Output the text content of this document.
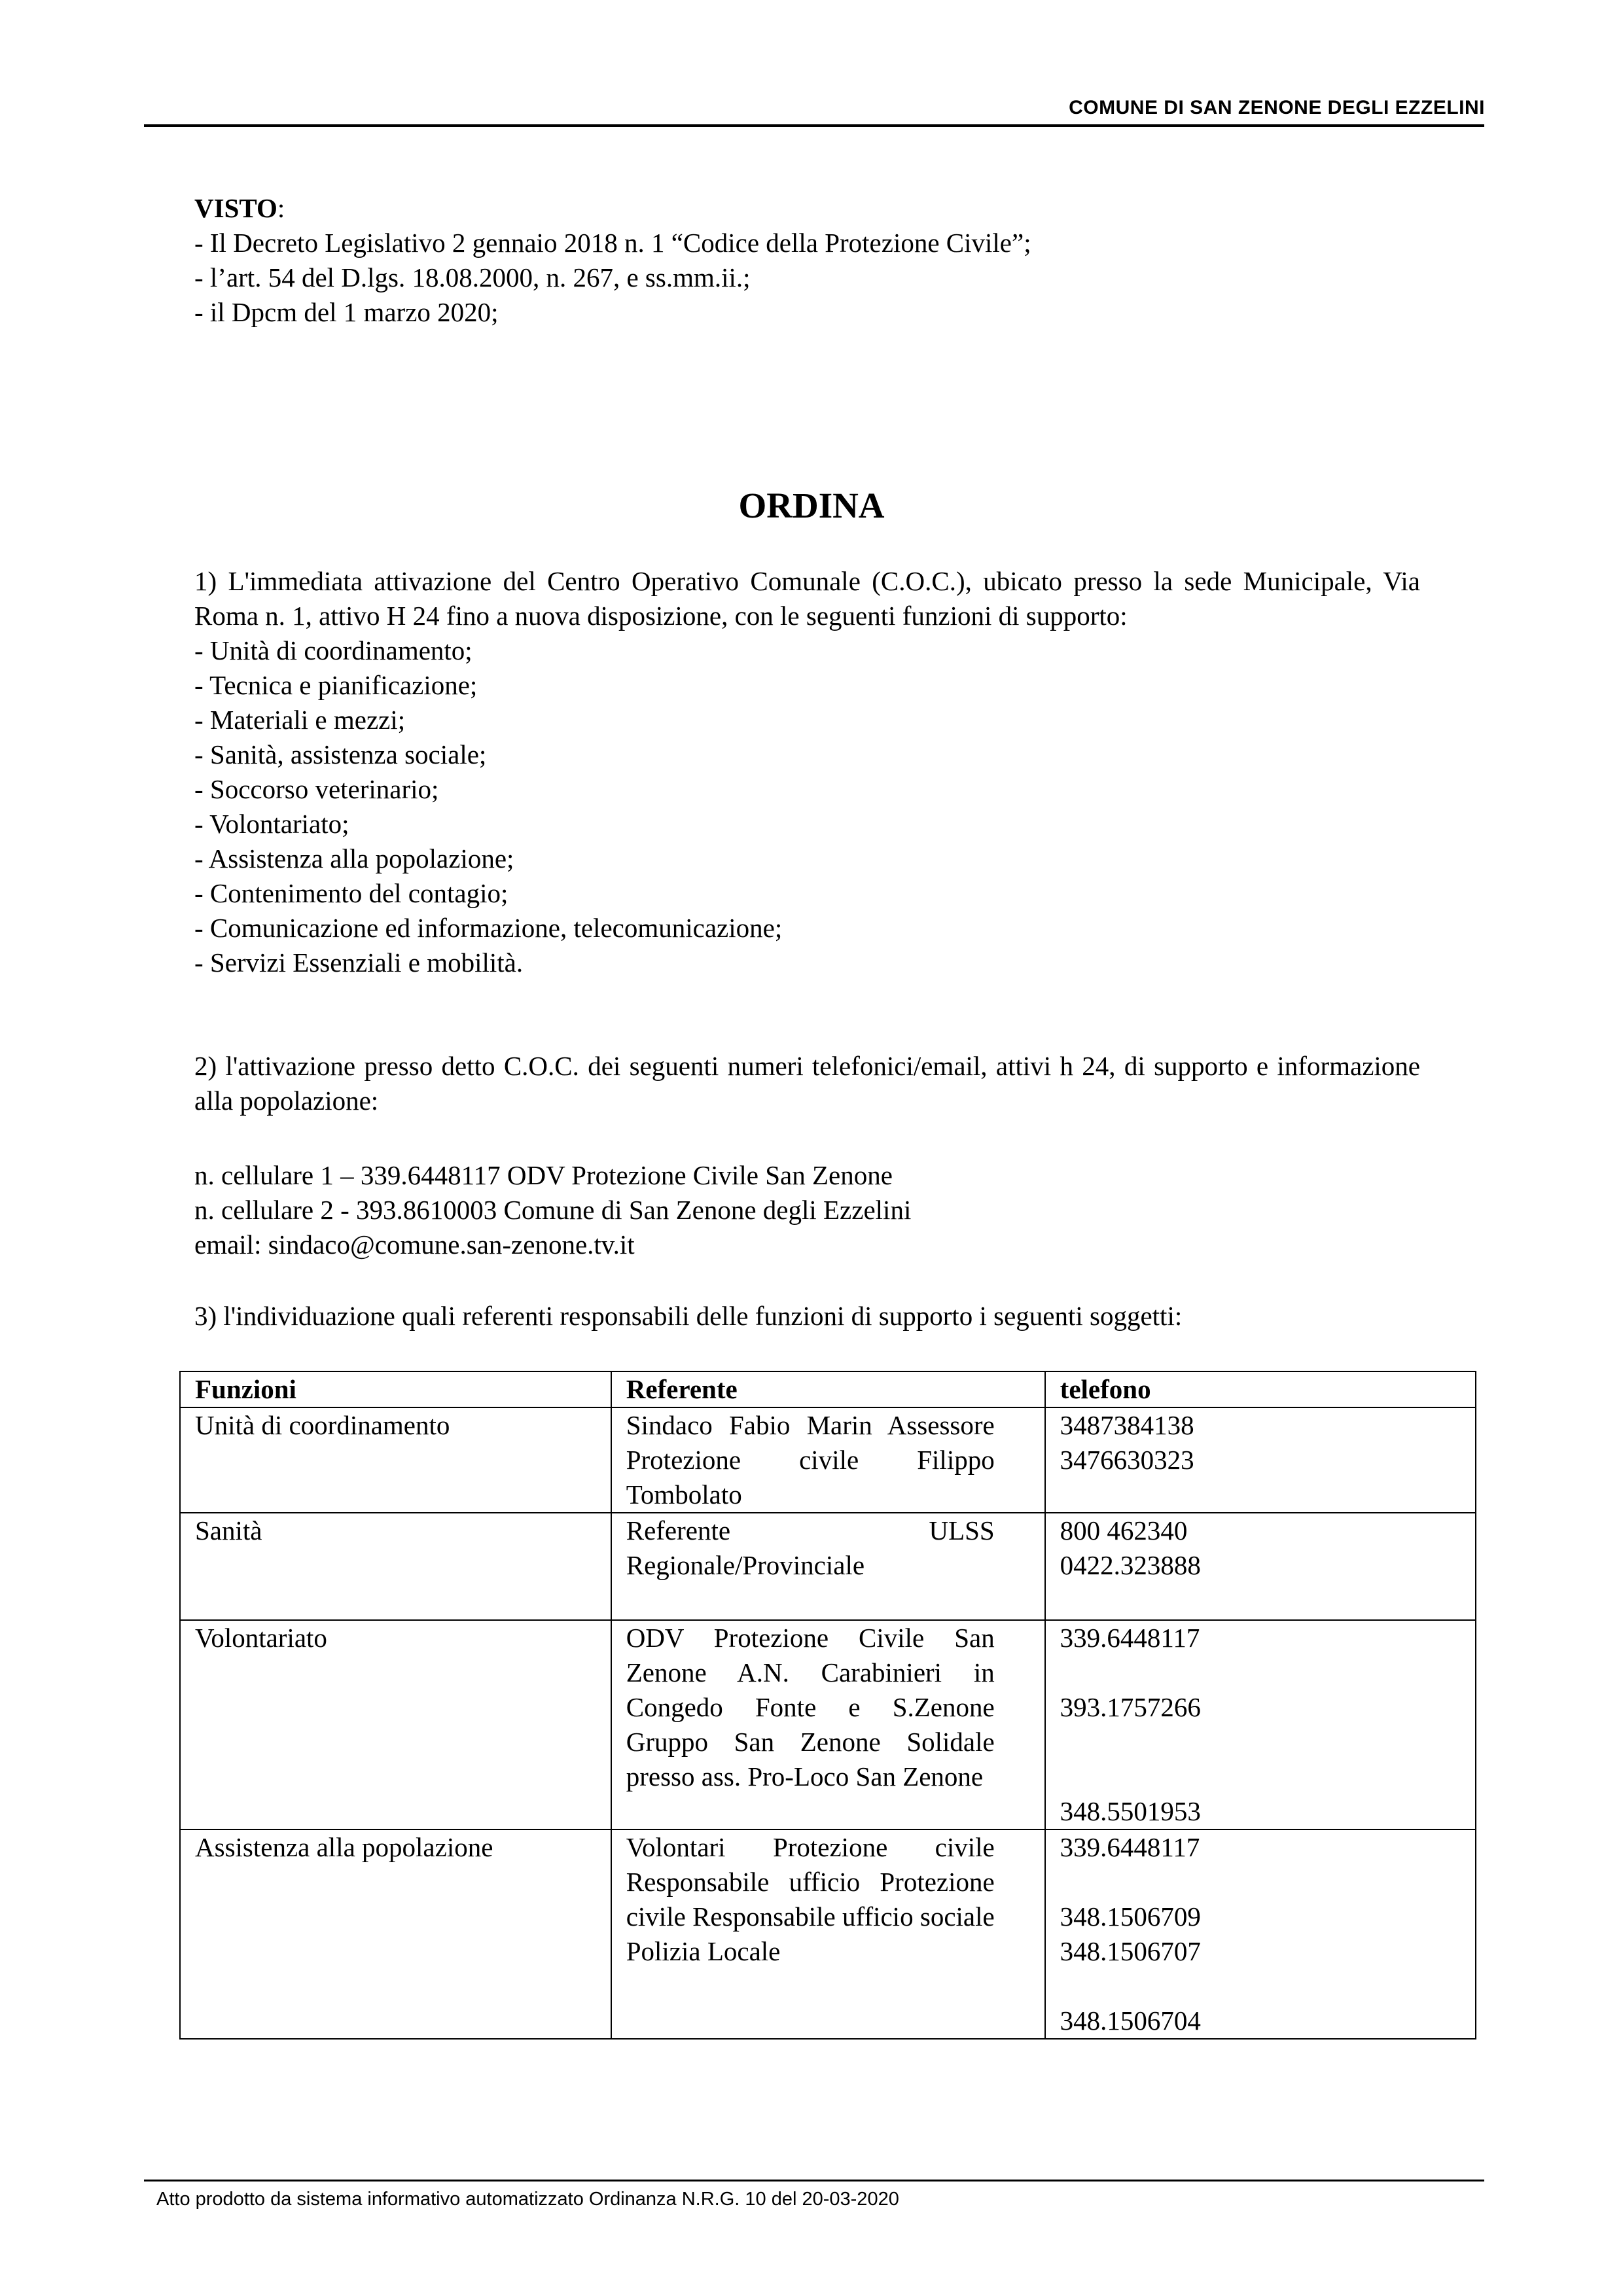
COMUNE DI SAN ZENONE DEGLI EZZELINI
VISTO:
- Il Decreto Legislativo 2 gennaio 2018 n. 1 “Codice della Protezione Civile”;
- l’art. 54 del D.lgs. 18.08.2000, n. 267, e ss.mm.ii.;
- il Dpcm del 1 marzo 2020;
ORDINA
1) L'immediata attivazione del Centro Operativo Comunale (C.O.C.), ubicato presso la sede Municipale, Via Roma n. 1, attivo H 24 fino a nuova disposizione, con le seguenti funzioni di supporto:
- Unità di coordinamento;
- Tecnica e pianificazione;
- Materiali e mezzi;
- Sanità, assistenza sociale;
- Soccorso veterinario;
- Volontariato;
- Assistenza alla popolazione;
- Contenimento del contagio;
- Comunicazione ed informazione, telecomunicazione;
- Servizi Essenziali e mobilità.
2) l'attivazione presso detto C.O.C. dei seguenti numeri telefonici/email, attivi h 24, di supporto e informazione alla popolazione:
n. cellulare 1 – 339.6448117 ODV Protezione Civile San Zenone
n. cellulare 2 - 393.8610003 Comune di San Zenone degli Ezzelini
email: sindaco@comune.san-zenone.tv.it
3) l'individuazione quali referenti responsabili delle funzioni di supporto i seguenti soggetti:
Funzioni	Referente	telefono
Unità di coordinamento	Sindaco Fabio Marin Assessore Protezione civile Filippo Tombolato	3487384138
3476630323

Sanità	Referente ULSS Regionale/Provinciale	800 462340
0422.323888

Volontariato	ODV Protezione Civile San Zenone A.N. Carabinieri in Congedo Fonte e S.Zenone Gruppo San Zenone Solidale presso ass. Pro-Loco San Zenone	339.6448117
393.1757266
348.5501953

Assistenza alla popolazione	Volontari Protezione civile Responsabile ufficio Protezione civile Responsabile ufficio sociale Polizia Locale	339.6448117
348.1506709
348.1506707
348.1506704
Atto prodotto da sistema informativo automatizzato Ordinanza N.R.G. 10 del 20-03-2020
